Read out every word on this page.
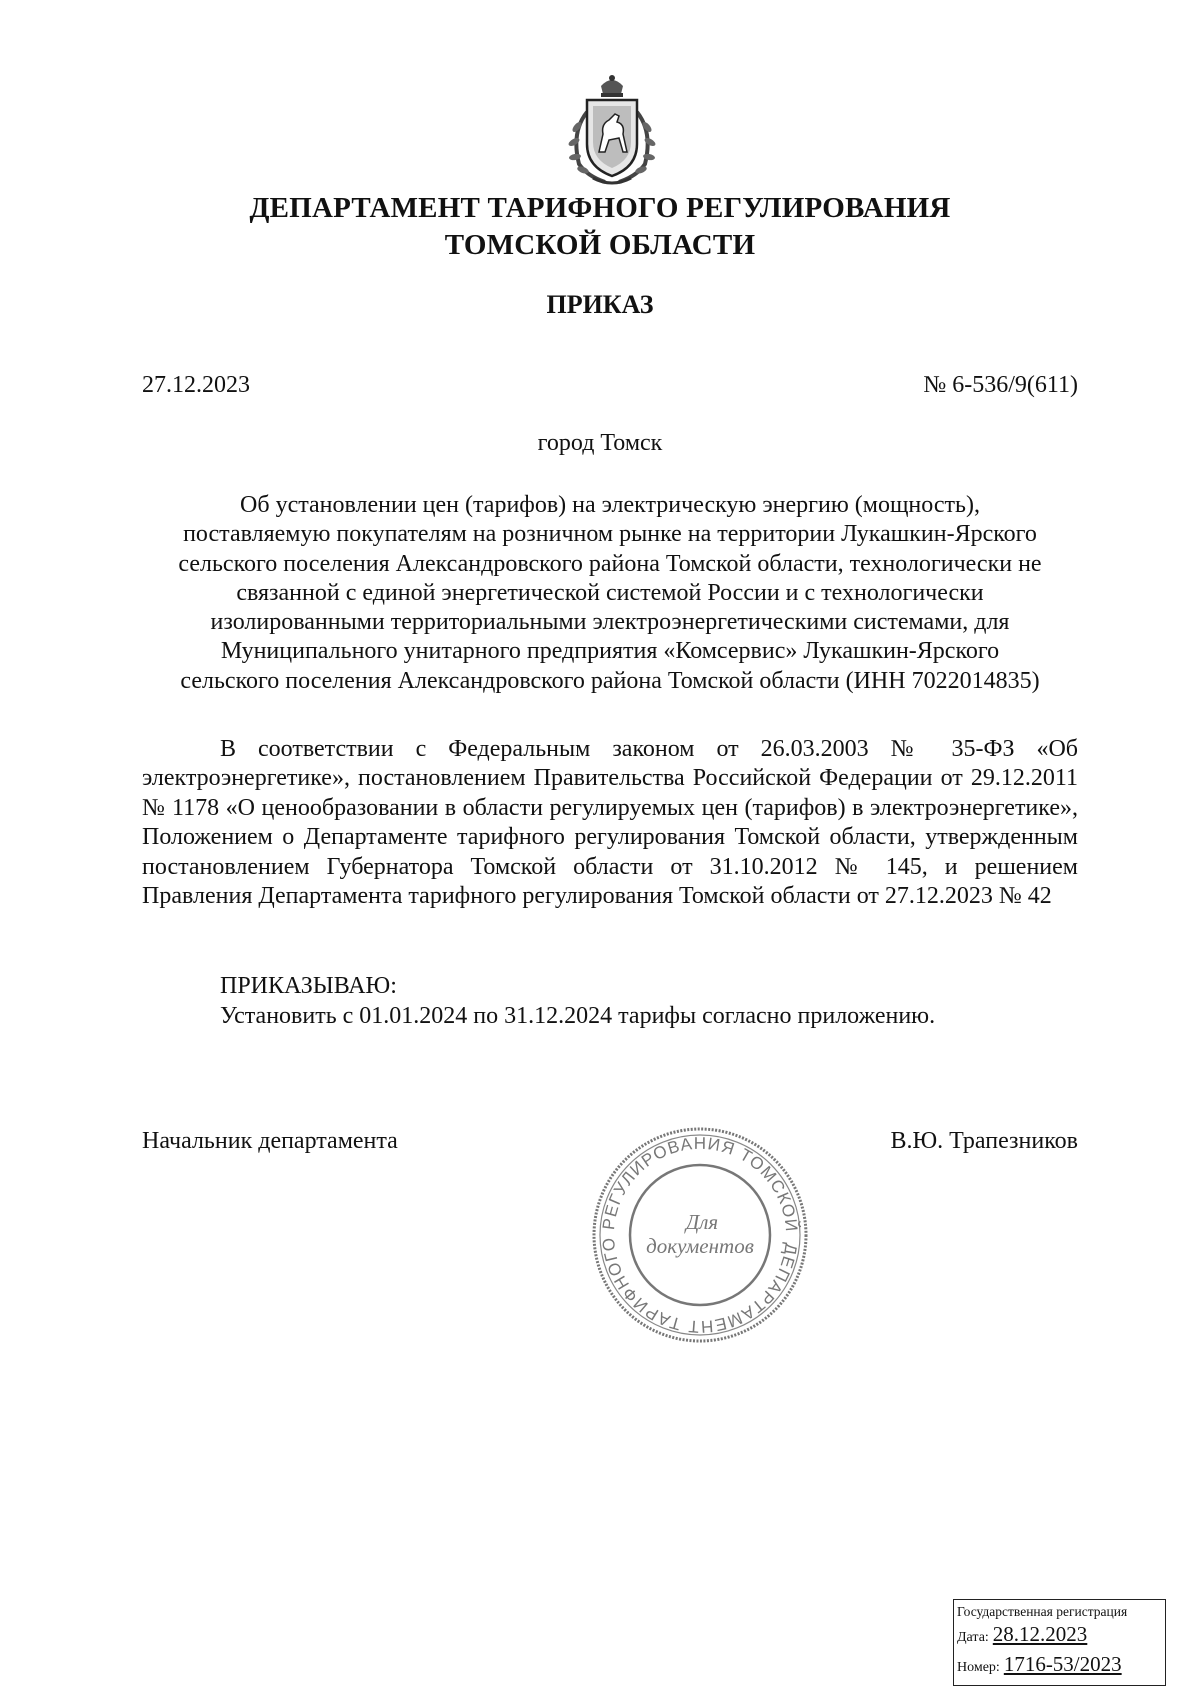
ДЕПАРТАМЕНТ ТАРИФНОГО РЕГУЛИРОВАНИЯ
ТОМСКОЙ ОБЛАСТИ
ПРИКАЗ
27.12.2023	№ 6-536/9(611)
город Томск
Об установлении цен (тарифов) на электрическую энергию (мощность),
поставляемую покупателям на розничном рынке на территории Лукашкин-Ярского
сельского поселения Александровского района Томской области, технологически не
связанной с единой энергетической системой России и с технологически
изолированными территориальными электроэнергетическими системами, для
Муниципального унитарного предприятия «Комсервис» Лукашкин-Ярского
сельского поселения Александровского района Томской области (ИНН 7022014835)
В соответствии с Федеральным законом от 26.03.2003 № 35-ФЗ «Об электроэнергетике», постановлением Правительства Российской Федерации от 29.12.2011 № 1178 «О ценообразовании в области регулируемых цен (тарифов) в электроэнергетике», Положением о Департаменте тарифного регулирования Томской области, утвержденным постановлением Губернатора Томской области от 31.10.2012 № 145, и решением Правления Департамента тарифного регулирования Томской области от 27.12.2023 № 42
ПРИКАЗЫВАЮ:
Установить с 01.01.2024 по 31.12.2024 тарифы согласно приложению.
Начальник департамента	В.Ю. Трапезников
ДЕПАРТАМЕНТ ТАРИФНОГО РЕГУЛИРОВАНИЯ ТОМСКОЙ
Для
документов
Государственная регистрация
Дата: 28.12.2023
Номер: 1716-53/2023
